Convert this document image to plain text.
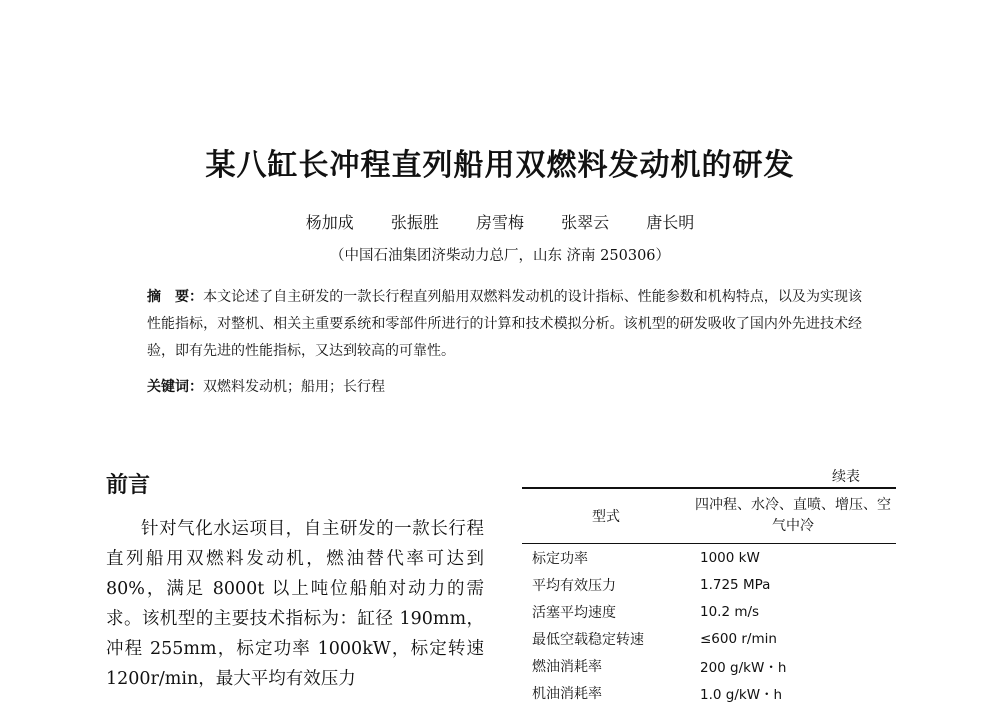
某八缸长冲程直列船用双燃料发动机的研发
杨加成 张振胜 房雪梅 张翠云 唐长明
（中国石油集团济柴动力总厂，山东 济南 250306）
摘　要：本文论述了自主研发的一款长行程直列船用双燃料发动机的设计指标、性能参数和机构特点，以及为实现该性能指标，对整机、相关主重要系统和零部件所进行的计算和技术模拟分析。该机型的研发吸收了国内外先进技术经验，即有先进的性能指标，又达到较高的可靠性。
关键词：双燃料发动机；船用；长行程
前言

针对气化水运项目，自主研发的一款长行程直列船用双燃料发动机，燃油替代率可达到 80%，满足 8000t 以上吨位船舶对动力的需求。该机型的主要技术指标为：缸径 190mm，冲程 255mm，标定功率 1000kW，标定转速 1200r/min，最大平均有效压力

续表
型式	四冲程、水冷、直喷、增压、空气中冷
标定功率	1000 kW
平均有效压力	1.725 MPa
活塞平均速度	10.2 m/s
最低空载稳定转速	≤600 r/min
燃油消耗率	200 g/kW・h
机油消耗率	1.0 g/kW・h
